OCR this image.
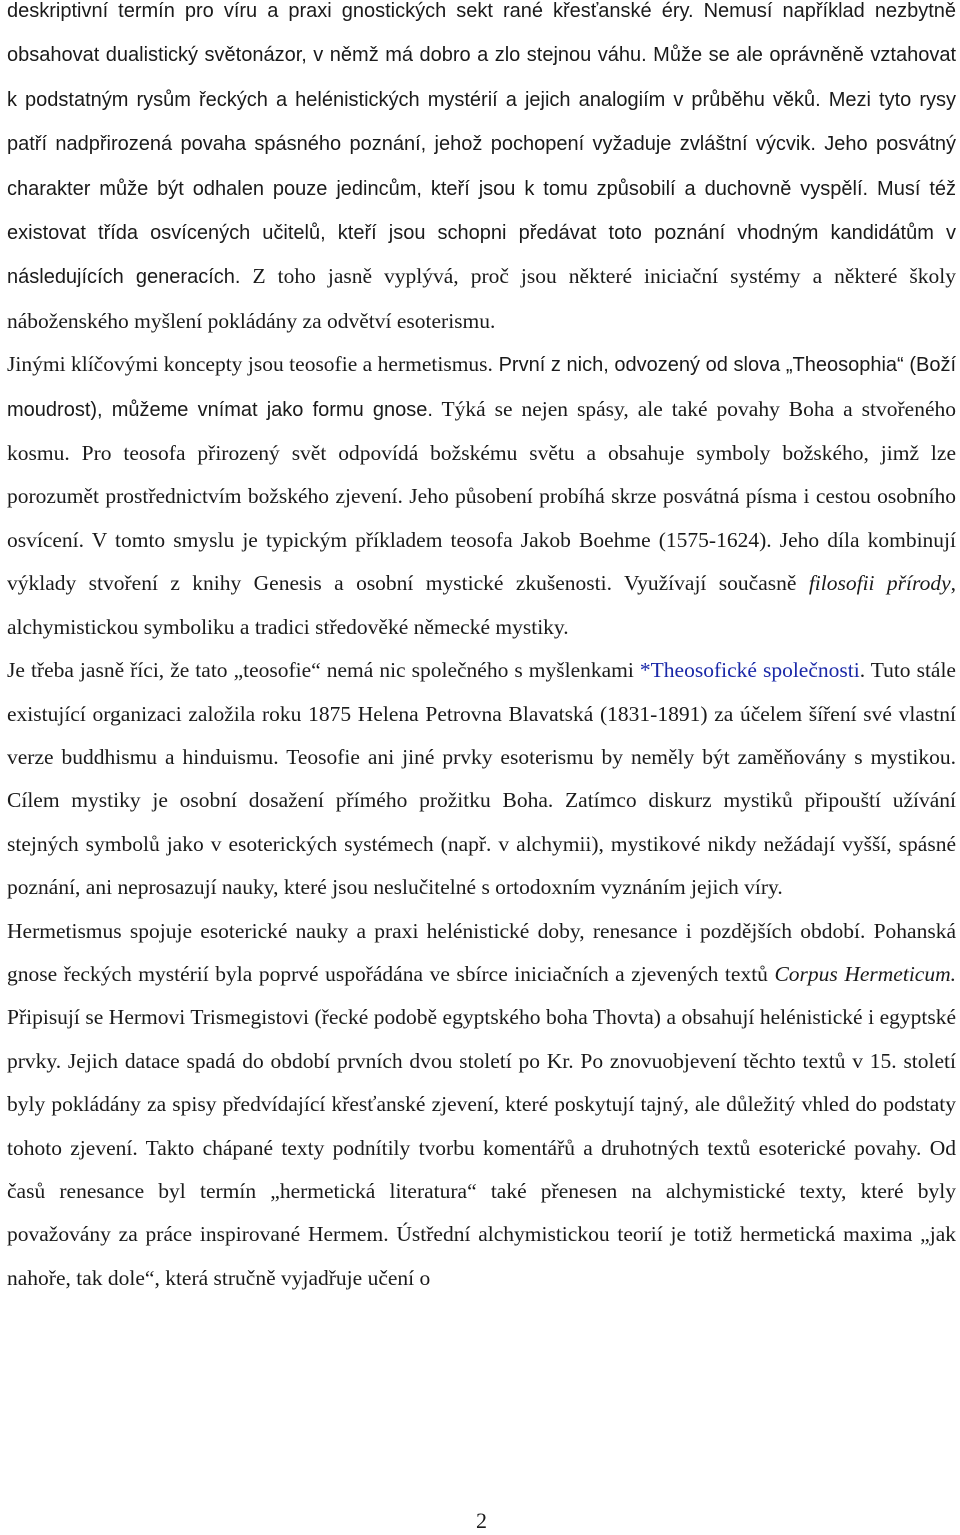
deskriptivní termín pro víru a praxi gnostických sekt rané křesťanské éry. Nemusí například nezbytně obsahovat dualistický světonázor, v němž má dobro a zlo stejnou váhu. Může se ale oprávněně vztahovat k podstatným rysům řeckých a helénistických mystérií a jejich analogiím v průběhu věků. Mezi tyto rysy patří nadpřirozená povaha spásného poznání, jehož pochopení vyžaduje zvláštní výcvik. Jeho posvátný charakter může být odhalen pouze jedincům, kteří jsou k tomu způsobilí a duchovně vyspělí. Musí též existovat třída osvícených učitelů, kteří jsou schopni předávat toto poznání vhodným kandidátům v následujících generacích. Z toho jasně vyplývá, proč jsou některé iniciační systémy a některé školy náboženského myšlení pokládány za odvětví esoterismu.

Jinými klíčovými koncepty jsou teosofie a hermetismus. První z nich, odvozený od slova „Theosophia“ (Boží moudrost), můžeme vnímat jako formu gnose. Týká se nejen spásy, ale také povahy Boha a stvořeného kosmu. Pro teosofa přirozený svět odpovídá božskému světu a obsahuje symboly božského, jimž lze porozumět prostřednictvím božského zjevení. Jeho působení probíhá skrze posvátná písma i cestou osobního osvícení. V tomto smyslu je typickým příkladem teosofa Jakob Boehme (1575-1624). Jeho díla kombinují výklady stvoření z knihy Genesis a osobní mystické zkušenosti. Využívají současně filosofii přírody, alchymistickou symboliku a tradici středověké německé mystiky.

Je třeba jasně říci, že tato „teosofie“ nemá nic společného s myšlenkami *Theosofické společnosti. Tuto stále existující organizaci založila roku 1875 Helena Petrovna Blavatská (1831-1891) za účelem šíření své vlastní verze buddhismu a hinduismu. Teosofie ani jiné prvky esoterismu by neměly být zaměňovány s mystikou. Cílem mystiky je osobní dosažení přímého prožitku Boha. Zatímco diskurz mystiků připouští užívání stejných symbolů jako v esoterických systémech (např. v alchymii), mystikové nikdy nežádají vyšší, spásné poznání, ani neprosazují nauky, které jsou neslučitelné s ortodoxním vyznáním jejich víry.

Hermetismus spojuje esoterické nauky a praxi helénistické doby, renesance i pozdějších období. Pohanská gnose řeckých mystérií byla poprvé uspořádána ve sbírce iniciačních a zjevených textů Corpus Hermeticum. Připisují se Hermovi Trismegistovi (řecké podobě egyptského boha Thovta) a obsahují helénistické i egyptské prvky. Jejich datace spadá do období prvních dvou století po Kr. Po znovuobjevení těchto textů v 15. století byly pokládány za spisy předvídající křesťanské zjevení, které poskytují tajný, ale důležitý vhled do podstaty tohoto zjevení. Takto chápané texty podnítily tvorbu komentářů a druhotných textů esoterické povahy. Od časů renesance byl termín „hermetická literatura“ také přenesen na alchymistické texty, které byly považovány za práce inspirované Hermem. Ústřední alchymistickou teorií je totiž hermetická maxima „jak nahoře, tak dole“, která stručně vyjadřuje učení o

2
